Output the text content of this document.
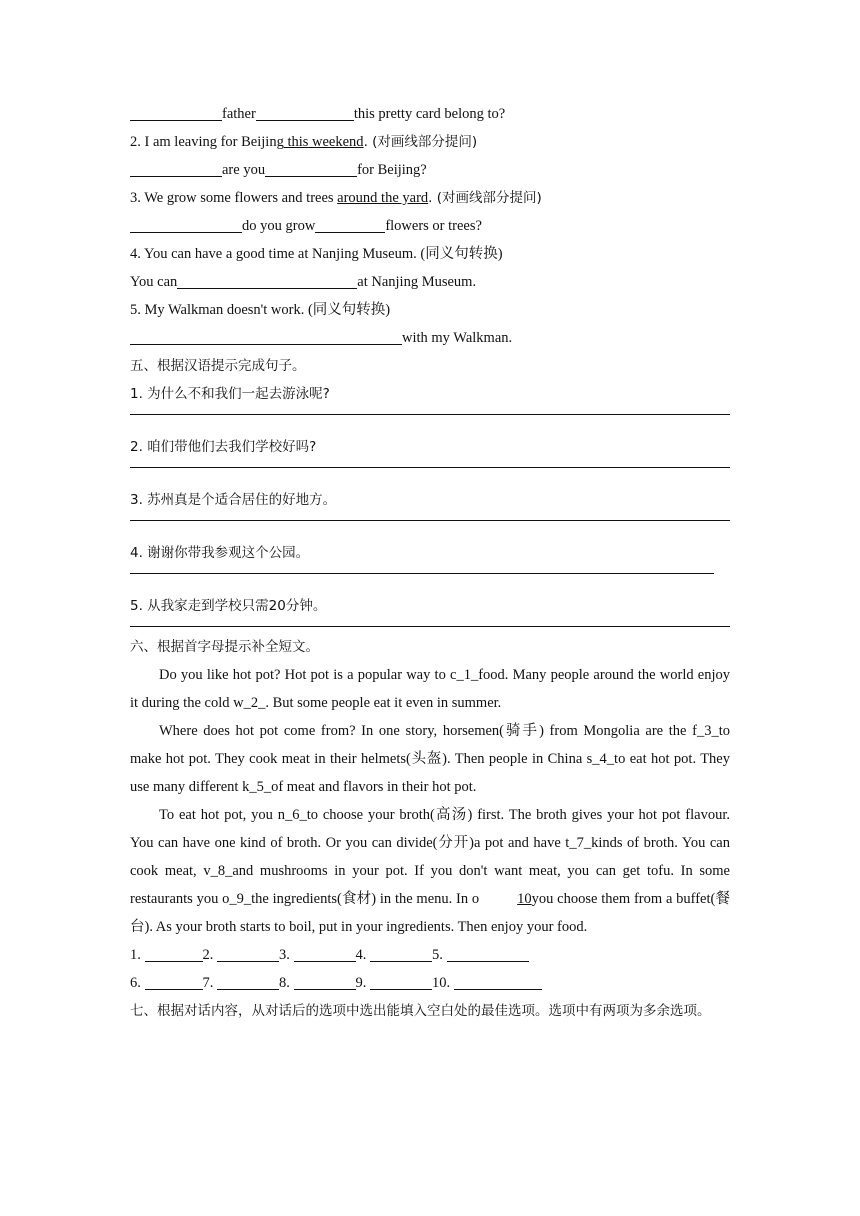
father	this pretty card belong to?
2. I am leaving for Beijing this weekend. (对画线部分提问)
are you	for Beijing?
3. We grow some flowers and trees around the yard. (对画线部分提问)
do you grow	flowers or trees?
4. You can have a good time at Nanjing Museum. (同义句转换)
You can	at Nanjing Museum.
5. My Walkman doesn't work. (同义句转换)
with my Walkman.
五、根据汉语提示完成句子。
1. 为什么不和我们一起去游泳呢?
2. 咱们带他们去我们学校好吗?
3. 苏州真是个适合居住的好地方。
4. 谢谢你带我参观这个公园。
5. 从我家走到学校只需20分钟。
六、根据首字母提示补全短文。
Do you like hot pot? Hot pot is a popular way to c_1_food. Many people around the world enjoy it during the cold w_2_. But some people eat it even in summer.
Where does hot pot come from? In one story, horsemen(骑手) from Mongolia are the f_3_to make hot pot. They cook meat in their helmets(头盔). Then people in China s_4_to eat hot pot. They use many different k_5_of meat and flavors in their hot pot.
To eat hot pot, you n_6_to choose your broth(高汤) first. The broth gives your hot pot flavour. You can have one kind of broth. Or you can divide(分开)a pot and have t_7_kinds of broth. You can cook meat, v_8_and mushrooms in your pot. If you don't want meat, you can get tofu. In some restaurants you o_9_the ingredients(食材) in the menu. In o	10you choose them from a buffet(餐台). As your broth starts to boil, put in your ingredients. Then enjoy your food.
1.	2.	3.	4.	5.
6.	7.	8.	9.	10.
七、根据对话内容，从对话后的选项中选出能填入空白处的最佳选项。选项中有两项为多余选项。
